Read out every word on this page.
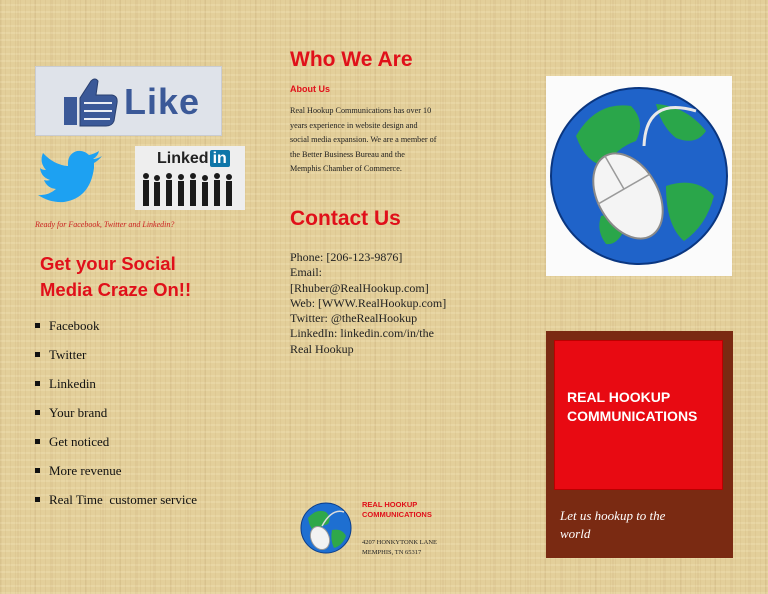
Like
Linked in
Ready for Facebook, Twitter and Linkedin?
Get your Social
Media Craze On!!
Facebook
Twitter
Linkedin
Your brand
Get noticed
More revenue
Real Time  customer service
Who We Are
About Us
Real Hookup Communications has over 10
years experience in website design and
social media expansion. We are a member of
the Better Business Bureau and the
Memphis Chamber of Commerce.
Contact Us
Phone: [206-123-9876]
Email:
[Rhuber@RealHookup.com]
Web: [WWW.RealHookup.com]
Twitter: @theRealHookup
LinkedIn: linkedin.com/in/the
Real Hookup
REAL HOOKUP
COMMUNICATIONS
4207 HONKYTONK LANE
MEMPHIS, TN 65317
REAL HOOKUP
COMMUNICATIONS
Let us hookup to the
world
